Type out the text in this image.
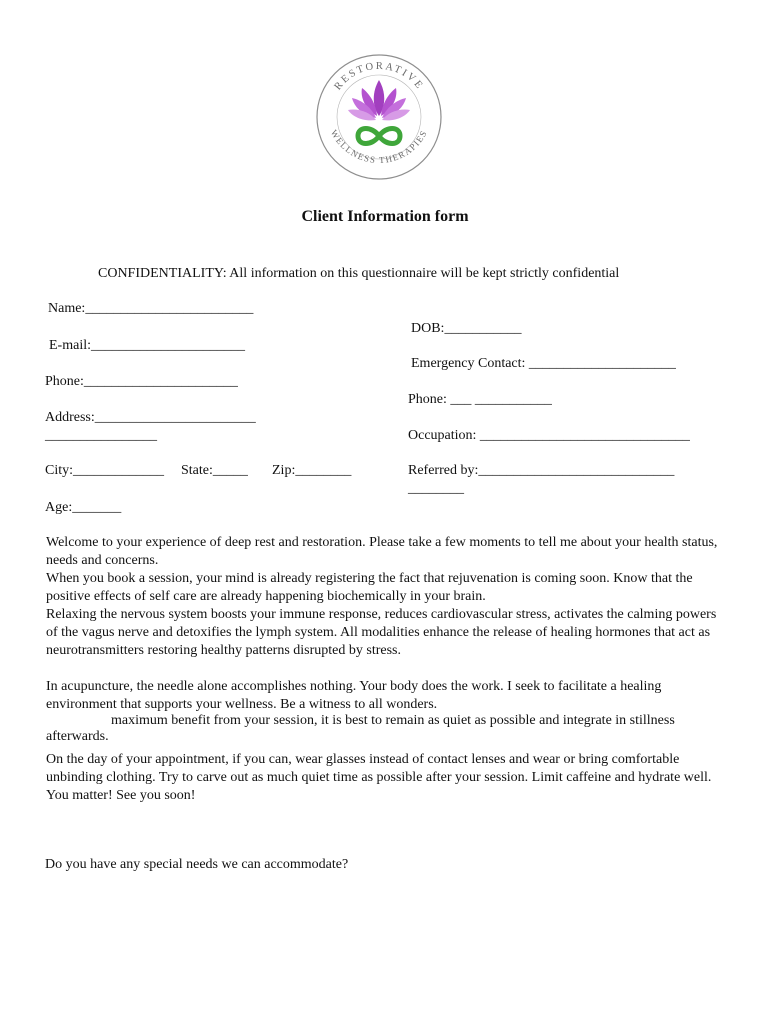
RESTORATIVE
WELLNESS THERAPIES
Client Information form
CONFIDENTIALITY: All information on this questionnaire will be kept strictly confidential
Name:________________________
E-mail:______________________
Phone:______________________
Address:_______________________
________________
City:_____________ State:_____ Zip:________
Age:_______
DOB:___________
Emergency Contact: _____________________
Phone: ___ ___________
Occupation: ______________________________
Referred by:____________________________
________

Welcome to your experience of deep rest and restoration. Please take a few moments to tell me about your health status, needs and concerns.

When you book a session, your mind is already registering the fact that rejuvenation is coming soon. Know that the positive effects of self care are already happening biochemically in your brain.

Relaxing the nervous system boosts your immune response, reduces cardiovascular stress, activates the calming powers of the vagus nerve and detoxifies the lymph system. All modalities enhance the release of healing hormones that act as neurotransmitters restoring healthy patterns disrupted by stress.

In acupuncture, the needle alone accomplishes nothing. Your body does the work. I seek to facilitate a healing environment that supports your wellness. Be a witness to all wonders.
maximum benefit from your session, it is best to remain as quiet as possible and integrate in stillness
afterwards.

On the day of your appointment, if you can, wear glasses instead of contact lenses and wear or bring comfortable unbinding clothing. Try to carve out as much quiet time as possible after your session. Limit caffeine and hydrate well.

You matter! See you soon!

Do you have any special needs we can accommodate?
